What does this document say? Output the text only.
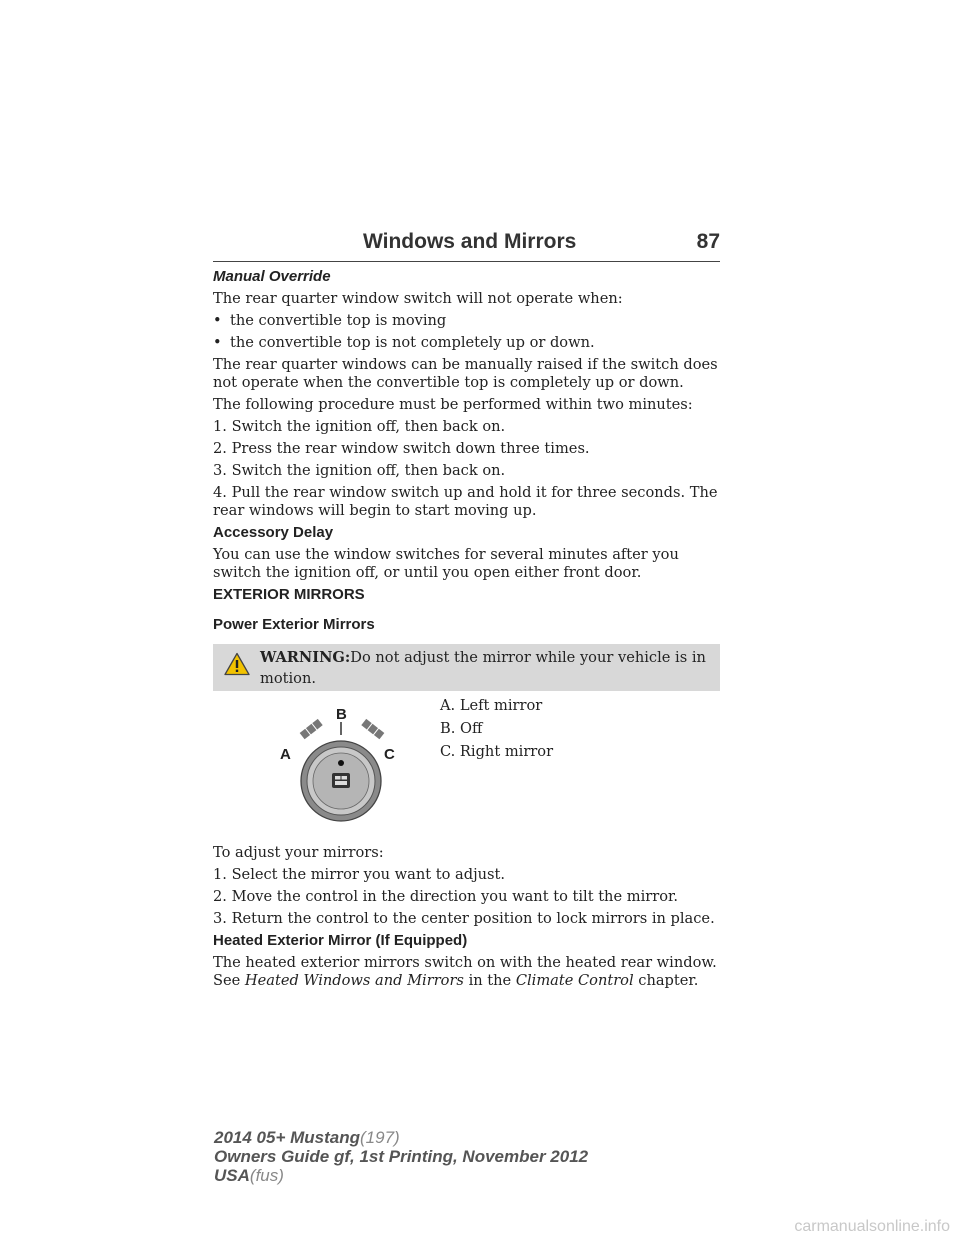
Windows and Mirrors	87

Manual Override

The rear quarter window switch will not operate when:

• the convertible top is moving
• the convertible top is not completely up or down.

The rear quarter windows can be manually raised if the switch does not operate when the convertible top is completely up or down.

The following procedure must be performed within two minutes:

1. Switch the ignition off, then back on.

2. Press the rear window switch down three times.

3. Switch the ignition off, then back on.

4. Pull the rear window switch up and hold it for three seconds. The rear windows will begin to start moving up.

Accessory Delay

You can use the window switches for several minutes after you switch the ignition off, or until you open either front door.

EXTERIOR MIRRORS

Power Exterior Mirrors

WARNING:Do not adjust the mirror while your vehicle is in motion.
B
A	C
A. Left mirror
B. Off
C. Right mirror

To adjust your mirrors:

1. Select the mirror you want to adjust.

2. Move the control in the direction you want to tilt the mirror.

3. Return the control to the center position to lock mirrors in place.

Heated Exterior Mirror (If Equipped)

The heated exterior mirrors switch on with the heated rear window. See Heated Windows and Mirrors in the Climate Control chapter.

2014 05+ Mustang(197)
Owners Guide gf, 1st Printing, November 2012
USA(fus)
carmanualsonline.info
